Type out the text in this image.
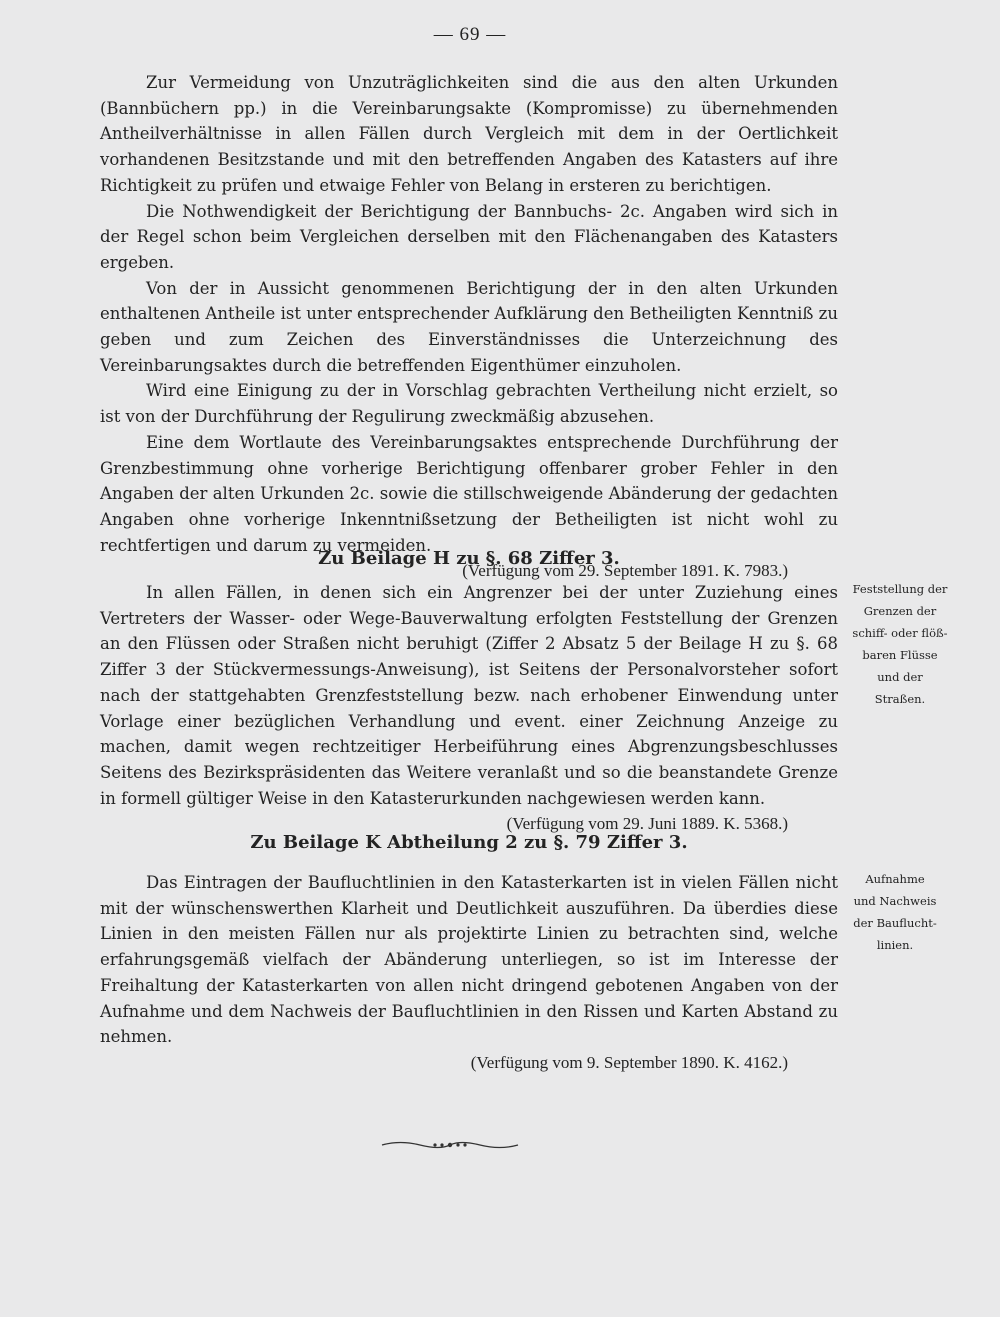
— 69 —

Zur Vermeidung von Unzuträglichkeiten sind die aus den alten Urkunden (Bannbüchern pp.) in die Vereinbarungsakte (Kompromisse) zu übernehmenden Antheilverhältnisse in allen Fällen durch Vergleich mit dem in der Oertlichkeit vorhandenen Besitzstande und mit den betreffenden Angaben des Katasters auf ihre Richtigkeit zu prüfen und etwaige Fehler von Belang in ersteren zu berichtigen.

Die Nothwendigkeit der Berichtigung der Bannbuchs- 2c. Angaben wird sich in der Regel schon beim Vergleichen derselben mit den Flächenangaben des Katasters ergeben.

Von der in Aussicht genommenen Berichtigung der in den alten Urkunden enthaltenen Antheile ist unter entsprechender Aufklärung den Betheiligten Kenntniß zu geben und zum Zeichen des Einverständnisses die Unterzeichnung des Vereinbarungsaktes durch die betreffenden Eigenthümer einzuholen.

Wird eine Einigung zu der in Vorschlag gebrachten Vertheilung nicht erzielt, so ist von der Durchführung der Regulirung zweckmäßig abzusehen.

Eine dem Wortlaute des Vereinbarungsaktes entsprechende Durchführung der Grenzbestimmung ohne vorherige Berichtigung offenbarer grober Fehler in den Angaben der alten Urkunden 2c. sowie die stillschweigende Abänderung der gedachten Angaben ohne vorherige Inkenntnißsetzung der Betheiligten ist nicht wohl zu rechtfertigen und darum zu vermeiden.

(Verfügung vom 29. September 1891. K. 7983.)

Zu Beilage H zu §. 68 Ziffer 3.

In allen Fällen, in denen sich ein Angrenzer bei der unter Zuziehung eines Vertreters der Wasser- oder Wege-Bauverwaltung erfolgten Feststellung der Grenzen an den Flüssen oder Straßen nicht beruhigt (Ziffer 2 Absatz 5 der Beilage H zu §. 68 Ziffer 3 der Stückvermessungs-Anweisung), ist Seitens der Personalvorsteher sofort nach der stattgehabten Grenzfeststellung bezw. nach erhobener Einwendung unter Vorlage einer bezüglichen Verhandlung und event. einer Zeichnung Anzeige zu machen, damit wegen rechtzeitiger Herbeiführung eines Abgrenzungsbeschlusses Seitens des Bezirkspräsidenten das Weitere veranlaßt und so die beanstandete Grenze in formell gültiger Weise in den Katasterurkunden nachgewiesen werden kann.

(Verfügung vom 29. Juni 1889. K. 5368.)

Feststellung der
Grenzen der
schiff- oder flöß-
baren Flüsse
und der
Straßen.

Zu Beilage K Abtheilung 2 zu §. 79 Ziffer 3.

Das Eintragen der Baufluchtlinien in den Katasterkarten ist in vielen Fällen nicht mit der wünschenswerthen Klarheit und Deutlichkeit auszuführen. Da überdies diese Linien in den meisten Fällen nur als projektirte Linien zu betrachten sind, welche erfahrungsgemäß vielfach der Abänderung unterliegen, so ist im Interesse der Freihaltung der Katasterkarten von allen nicht dringend gebotenen Angaben von der Aufnahme und dem Nachweis der Baufluchtlinien in den Rissen und Karten Abstand zu nehmen.

(Verfügung vom 9. September 1890. K. 4162.)

Aufnahme
und Nachweis
der Bauflucht-
linien.
